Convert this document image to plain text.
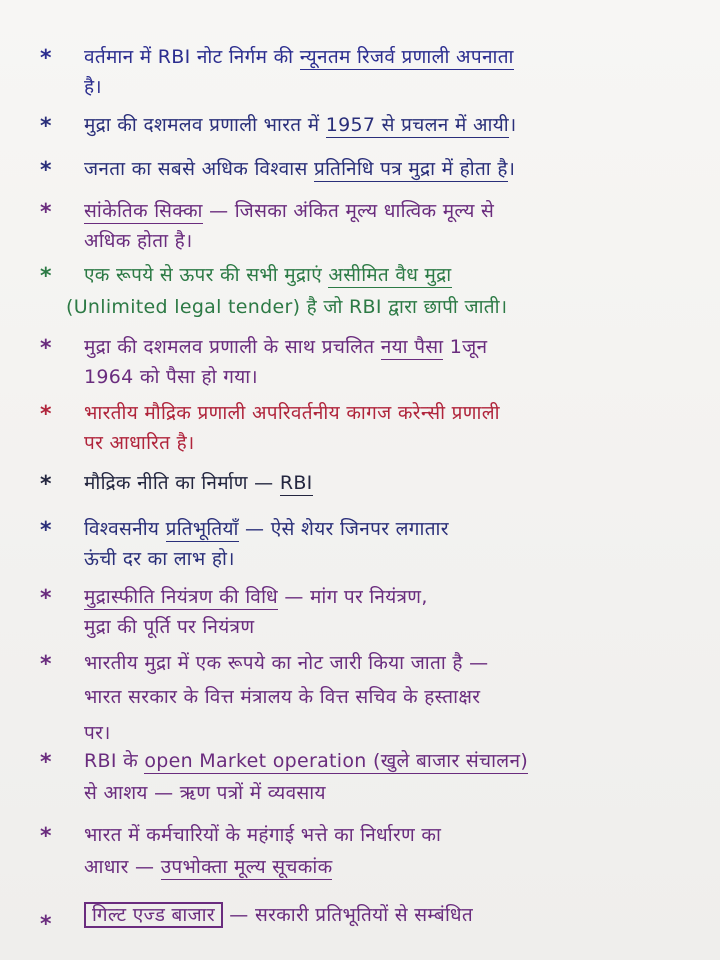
* वर्तमान में RBI नोट निर्गम की न्यूनतम रिजर्व प्रणाली अपनाता
है।
* मुद्रा की दशमलव प्रणाली भारत में 1957 से प्रचलन में आयी।
* जनता का सबसे अधिक विश्वास प्रतिनिधि पत्र मुद्रा में होता है।
* सांकेतिक सिक्का — जिसका अंकित मूल्य धात्विक मूल्य से
अधिक होता है।
* एक रूपये से ऊपर की सभी मुद्राएं असीमित वैध मुद्रा
(Unlimited legal tender) है जो RBI द्वारा छापी जाती।
* मुद्रा की दशमलव प्रणाली के साथ प्रचलित नया पैसा 1जून
1964 को पैसा हो गया।
* भारतीय मौद्रिक प्रणाली अपरिवर्तनीय कागज करेन्सी प्रणाली
पर आधारित है।
* मौद्रिक नीति का निर्माण — RBI
* विश्वसनीय प्रतिभूतियाँ — ऐसे शेयर जिनपर लगातार
ऊंची दर का लाभ हो।
* मुद्रास्फीति नियंत्रण की विधि — मांग पर नियंत्रण,
मुद्रा की पूर्ति पर नियंत्रण
* भारतीय मुद्रा में एक रूपये का नोट जारी किया जाता है —
भारत सरकार के वित्त मंत्रालय के वित्त सचिव के हस्ताक्षर
पर।
* RBI के open Market operation (खुले बाजार संचालन)
से आशय — ऋण पत्रों में व्यवसाय
* भारत में कर्मचारियों के महंगाई भत्ते का निर्धारण का
आधार — उपभोक्ता मूल्य सूचकांक
*	गिल्ट एज्ड बाजार — सरकारी प्रतिभूतियों से सम्बंधित
